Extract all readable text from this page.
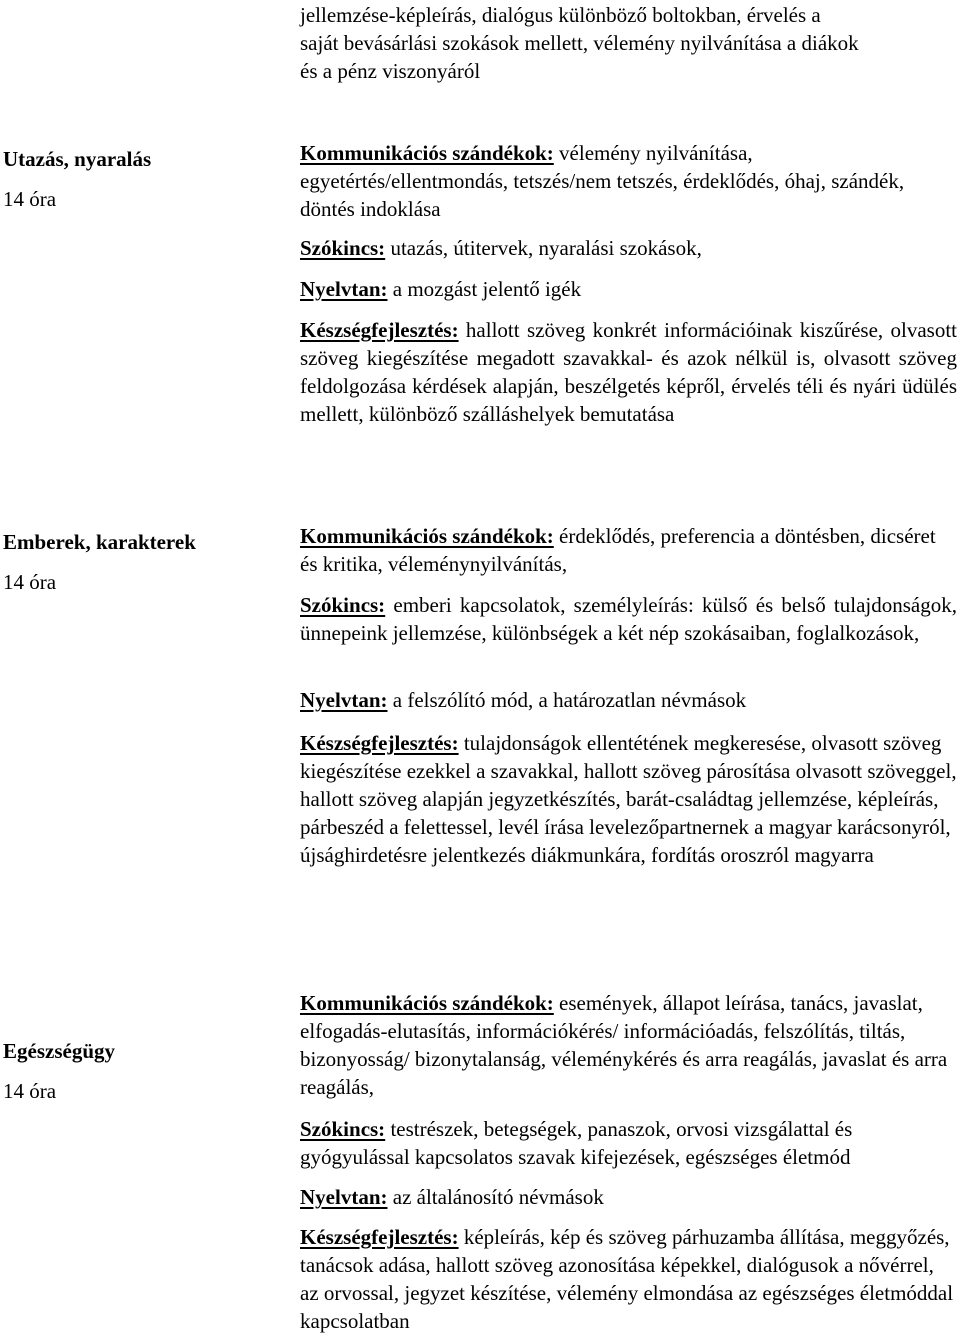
jellemzése-képleírás, dialógus különböző boltokban, érvelés a

saját bevásárlási szokások mellett, vélemény nyilvánítása a diákok

és a pénz viszonyáról

Utazás, nyaralás
14 óra

Kommunikációs szándékok: vélemény nyilvánítása, egyetértés/ellentmondás, tetszés/nem tetszés, érdeklődés, óhaj, szándék, döntés indoklása

Szókincs: utazás, útitervek, nyaralási szokások,

Nyelvtan: a mozgást jelentő igék

Készségfejlesztés: hallott szöveg konkrét információinak kiszűrése, olvasott szöveg kiegészítése megadott szavakkal- és azok nélkül is, olvasott szöveg feldolgozása kérdések alapján, beszélgetés képről, érvelés téli és nyári üdülés mellett, különböző szálláshelyek bemutatása

Emberek, karakterek
14 óra

Kommunikációs szándékok: érdeklődés, preferencia a döntésben, dicséret és kritika, véleménynyilvánítás,

Szókincs: emberi kapcsolatok, személyleírás: külső és belső tulajdonságok, ünnepeink jellemzése, különbségek a két nép szokásaiban, foglalkozások,

Nyelvtan: a felszólító mód, a határozatlan névmások

Készségfejlesztés: tulajdonságok ellentétének megkeresése, olvasott szöveg kiegészítése ezekkel a szavakkal, hallott szöveg párosítása olvasott szöveggel, hallott szöveg alapján jegyzetkészítés, barát-családtag jellemzése, képleírás, párbeszéd a felettessel, levél írása levelezőpartnernek a magyar karácsonyról, újsághirdetésre jelentkezés diákmunkára, fordítás oroszról magyarra

Egészségügy
14 óra

Kommunikációs szándékok: események, állapot leírása, tanács, javaslat, elfogadás-elutasítás, információkérés/ információadás, felszólítás, tiltás, bizonyosság/ bizonytalanság, véleménykérés és arra reagálás, javaslat és arra reagálás,

Szókincs: testrészek, betegségek, panaszok, orvosi vizsgálattal és gyógyulással kapcsolatos szavak kifejezések, egészséges életmód

Nyelvtan: az általánosító névmások

Készségfejlesztés: képleírás, kép és szöveg párhuzamba állítása, meggyőzés, tanácsok adása, hallott szöveg azonosítása képekkel, dialógusok a nővérrel, az orvossal, jegyzet készítése, vélemény elmondása az egészséges életmóddal kapcsolatban
